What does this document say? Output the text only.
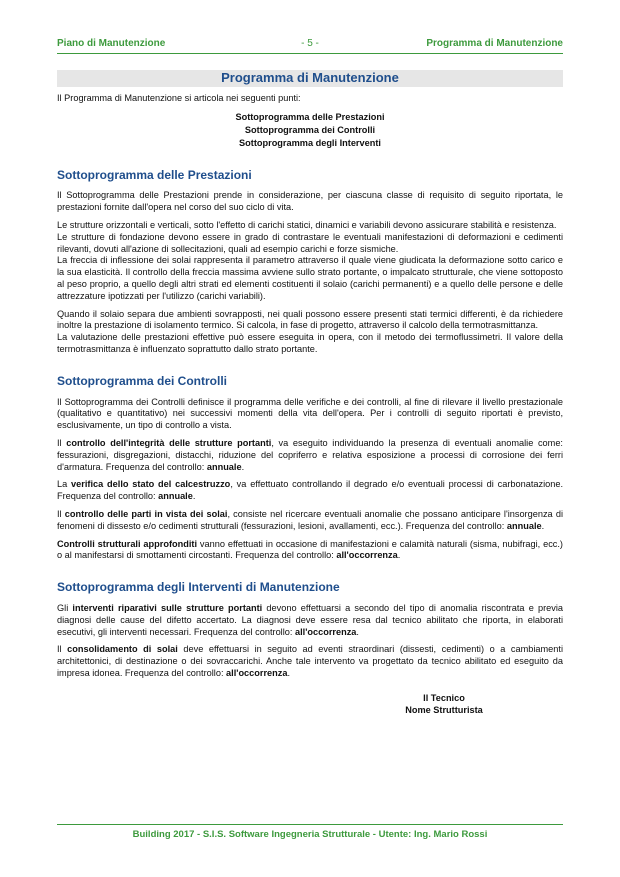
Piano di Manutenzione	- 5 -	Programma di Manutenzione
Programma di Manutenzione

Il Programma di Manutenzione si articola nei seguenti punti:

Sottoprogramma delle Prestazioni
Sottoprogramma dei Controlli
Sottoprogramma degli Interventi
Sottoprogramma delle Prestazioni

Il Sottoprogramma delle Prestazioni prende in considerazione, per ciascuna classe di requisito di seguito riportata, le prestazioni fornite dall'opera nel corso del suo ciclo di vita.

Le strutture orizzontali e verticali, sotto l'effetto di carichi statici, dinamici e variabili devono assicurare stabilità e resistenza.
Le strutture di fondazione devono essere in grado di contrastare le eventuali manifestazioni di deformazioni e cedimenti rilevanti, dovuti all'azione di sollecitazioni, quali ad esempio carichi e forze sismiche.
La freccia di inflessione dei solai rappresenta il parametro attraverso il quale viene giudicata la deformazione sotto carico e la sua elasticità. Il controllo della freccia massima avviene sullo strato portante, o impalcato strutturale, che viene sottoposto al peso proprio, a quello degli altri strati ed elementi costituenti il solaio (carichi permanenti) e a quello delle persone e delle attrezzature ipotizzati per l'utilizzo (carichi variabili).

Quando il solaio separa due ambienti sovrapposti, nei quali possono essere presenti stati termici differenti, è da richiedere inoltre la prestazione di isolamento termico. Si calcola, in fase di progetto, attraverso il calcolo della termotrasmittanza.
La valutazione delle prestazioni effettive può essere eseguita in opera, con il metodo dei termoflussimetri. Il valore della termotrasmittanza è influenzato soprattutto dallo strato portante.

Sottoprogramma dei Controlli

Il Sottoprogramma dei Controlli definisce il programma delle verifiche e dei controlli, al fine di rilevare il livello prestazionale (qualitativo e quantitativo) nei successivi momenti della vita dell'opera. Per i controlli di seguito riportati è previsto, esclusivamente, un tipo di controllo a vista.

Il controllo dell'integrità delle strutture portanti, va eseguito individuando la presenza di eventuali anomalie come: fessurazioni, disgregazioni, distacchi, riduzione del copriferro e relativa esposizione a processi di corrosione dei ferri d'armatura. Frequenza del controllo: annuale.

La verifica dello stato del calcestruzzo, va effettuato controllando il degrado e/o eventuali processi di carbonatazione. Frequenza del controllo: annuale.

Il controllo delle parti in vista dei solai, consiste nel ricercare eventuali anomalie che possano anticipare l'insorgenza di fenomeni di dissesto e/o cedimenti strutturali (fessurazioni, lesioni, avallamenti, ecc.). Frequenza del controllo: annuale.

Controlli strutturali approfonditi vanno effettuati in occasione di manifestazioni e calamità naturali (sisma, nubifragi, ecc.) o al manifestarsi di smottamenti circostanti. Frequenza del controllo: all'occorrenza.

Sottoprogramma degli Interventi di Manutenzione

Gli interventi riparativi sulle strutture portanti devono effettuarsi a secondo del tipo di anomalia riscontrata e previa diagnosi delle cause del difetto accertato. La diagnosi deve essere resa dal tecnico abilitato che riporta, in elaborati esecutivi, gli interventi necessari. Frequenza del controllo: all'occorrenza.

Il consolidamento di solai deve effettuarsi in seguito ad eventi straordinari (dissesti, cedimenti) o a cambiamenti architettonici, di destinazione o dei sovraccarichi. Anche tale intervento va progettato da tecnico abilitato ed eseguito da impresa idonea. Frequenza del controllo: all'occorrenza.

Il Tecnico
Nome Strutturista
Building 2017 - S.I.S. Software Ingegneria Strutturale - Utente: Ing. Mario Rossi
